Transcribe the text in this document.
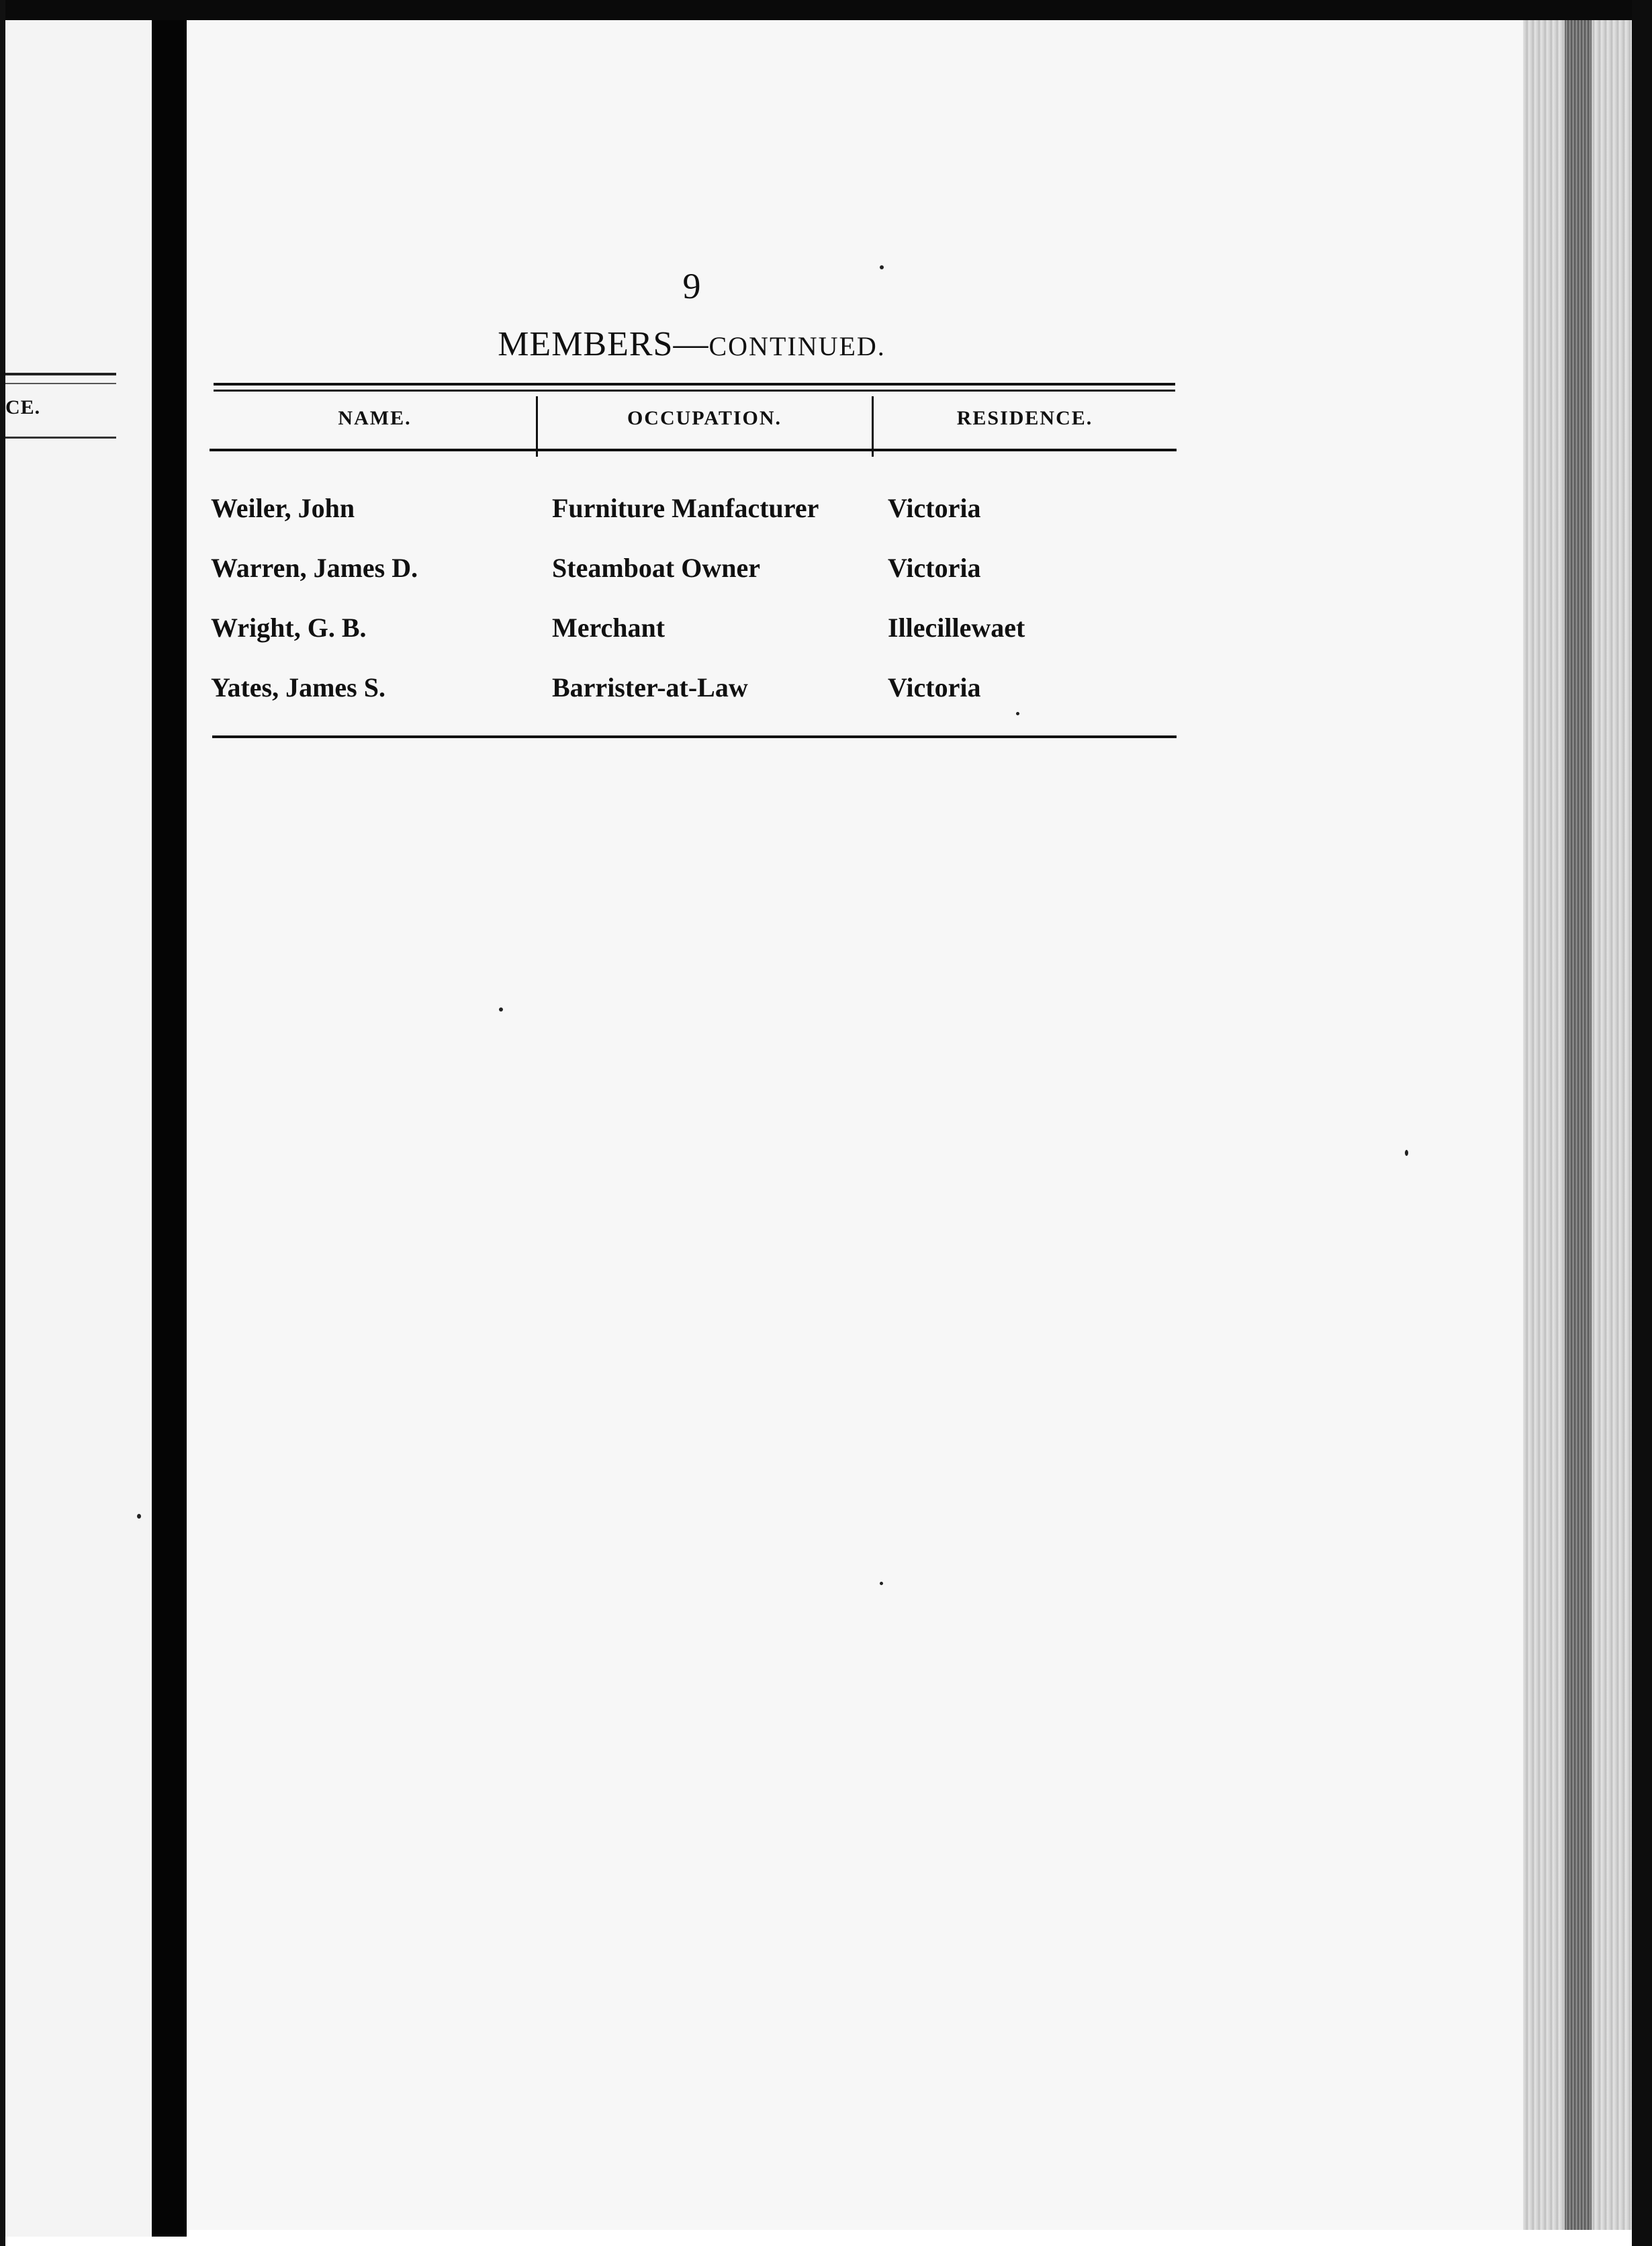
CE.
9
MEMBERS—CONTINUED.
NAME.	OCCUPATION.	RESIDENCE.
Weiler, John	Furniture Manfacturer	Victoria
Warren, James D.	Steamboat Owner	Victoria
Wright, G. B.	Merchant	Illecillewaet
Yates, James S.	Barrister-at-Law	Victoria
